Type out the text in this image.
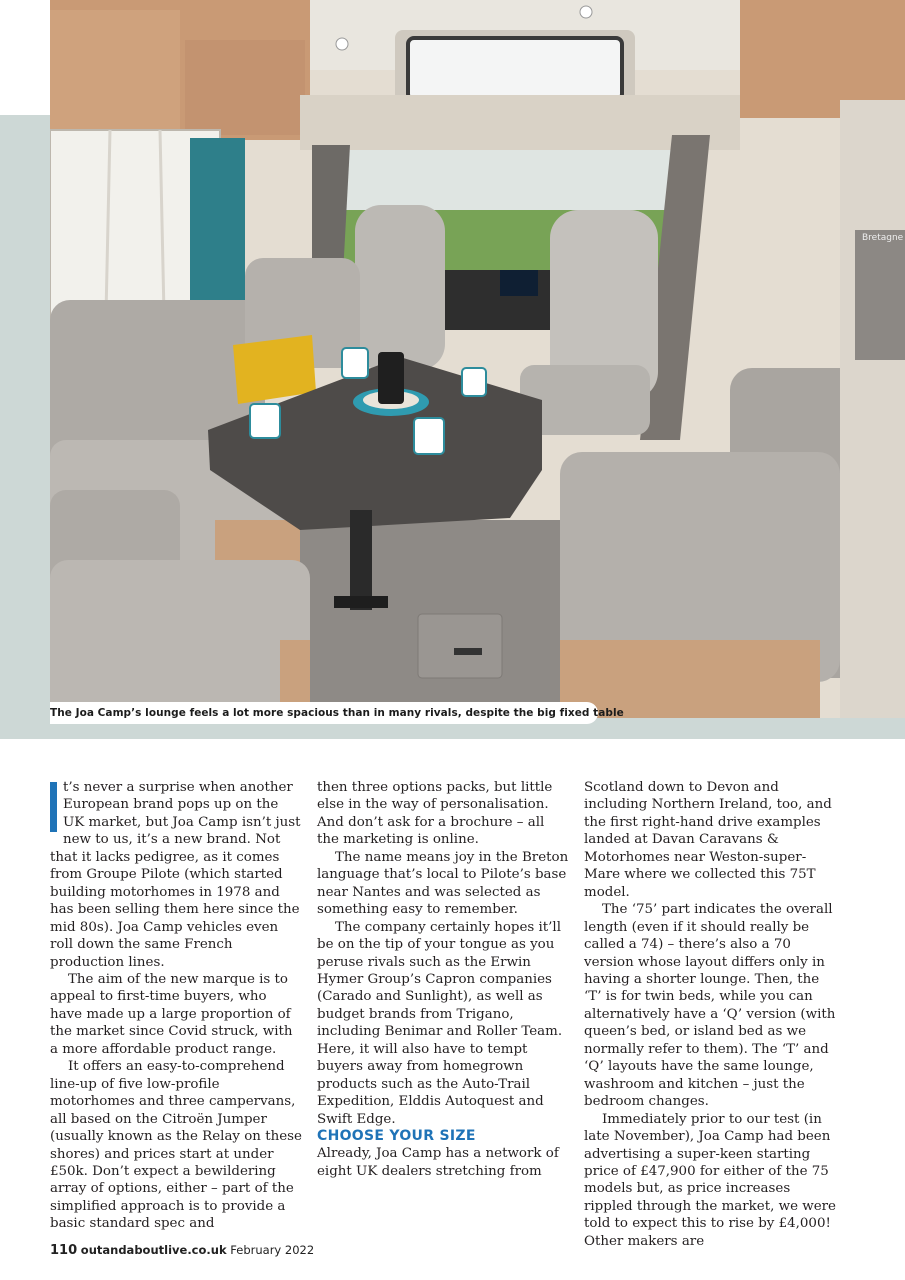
Bretagne
The Joa Camp’s lounge feels a lot more spacious than in many rivals, despite the big fixed table

t’s never a surprise when another European brand pops up on the UK market, but Joa Camp isn’t just new to us, it’s a new brand. Not that it lacks pedigree, as it comes from Groupe Pilote (which started building motorhomes in 1978 and has been selling them here since the mid 80s). Joa Camp vehicles even roll down the same French production lines.

The aim of the new marque is to appeal to first-time buyers, who have made up a large proportion of the market since Covid struck, with a more affordable product range.

It offers an easy-to-comprehend line-up of five low-profile motorhomes and three campervans, all based on the Citroën Jumper (usually known as the Relay on these shores) and prices start at under £50k. Don’t expect a bewildering array of options, either – part of the simplified approach is to provide a basic standard spec and

then three options packs, but little else in the way of personalisation. And don’t ask for a brochure – all the marketing is online.

The name means joy in the Breton language that’s local to Pilote’s base near Nantes and was selected as something easy to remember.

The company certainly hopes it’ll be on the tip of your tongue as you peruse rivals such as the Erwin Hymer Group’s Capron companies (Carado and Sunlight), as well as budget brands from Trigano, including Benimar and Roller Team. Here, it will also have to tempt buyers away from homegrown products such as the Auto-Trail Expedition, Elddis Autoquest and Swift Edge.

CHOOSE YOUR SIZE

Already, Joa Camp has a network of eight UK dealers stretching from

Scotland down to Devon and including Northern Ireland, too, and the first right-hand drive examples landed at Davan Caravans & Motorhomes near Weston-super-Mare where we collected this 75T model.

The ‘75’ part indicates the overall length (even if it should really be called a 74) – there’s also a 70 version whose layout differs only in having a shorter lounge. Then, the ‘T’ is for twin beds, while you can alternatively have a ‘Q’ version (with queen’s bed, or island bed as we normally refer to them). The ‘T’ and ‘Q’ layouts have the same lounge, washroom and kitchen – just the bedroom changes.

Immediately prior to our test (in late November), Joa Camp had been advertising a super-keen starting price of £47,900 for either of the 75 models but, as price increases rippled through the market, we were told to expect this to rise by £4,000! Other makers are

110 outandaboutlive.co.uk February 2022
